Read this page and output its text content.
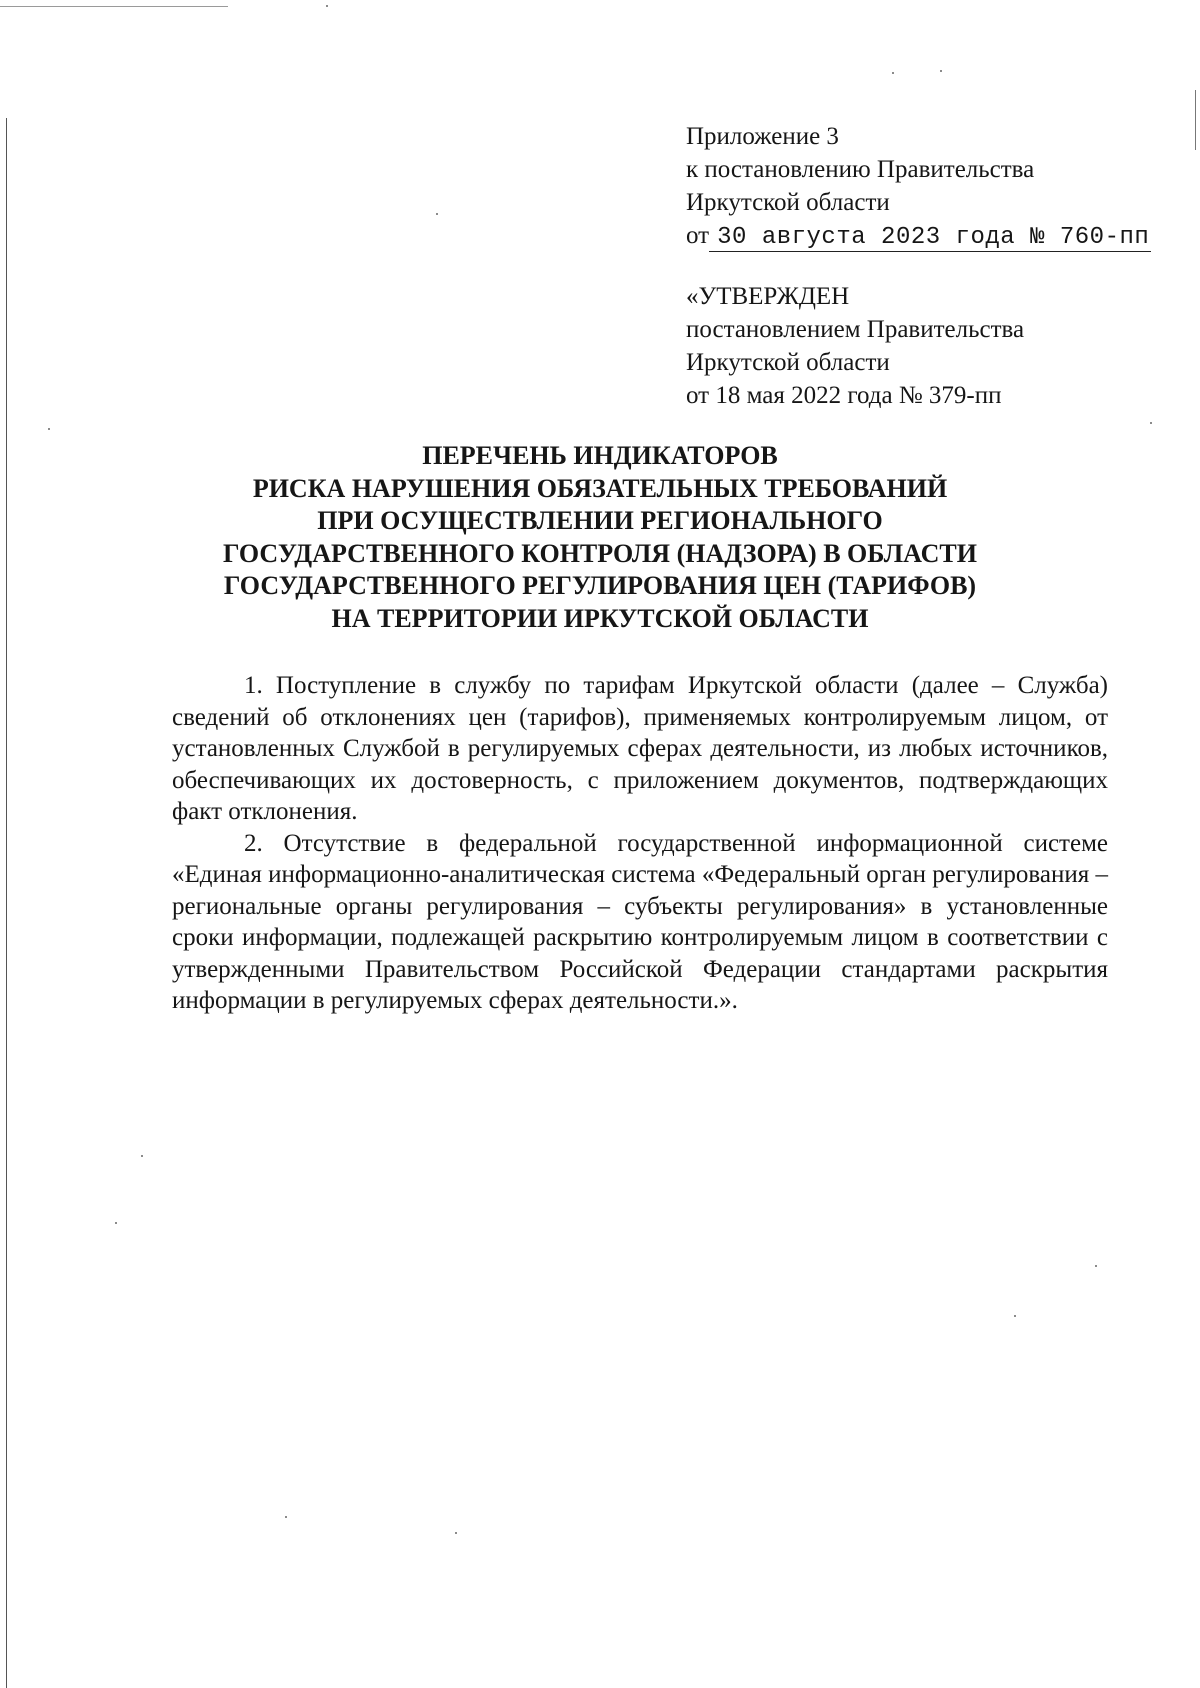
Приложение 3
к постановлению Правительства
Иркутской области
от 30 августа 2023 года № 760-пп
«УТВЕРЖДЕН
постановлением Правительства
Иркутской области
от 18 мая 2022 года № 379-пп
ПЕРЕЧЕНЬ ИНДИКАТОРОВ
РИСКА НАРУШЕНИЯ ОБЯЗАТЕЛЬНЫХ ТРЕБОВАНИЙ
ПРИ ОСУЩЕСТВЛЕНИИ РЕГИОНАЛЬНОГО
ГОСУДАРСТВЕННОГО КОНТРОЛЯ (НАДЗОРА) В ОБЛАСТИ
ГОСУДАРСТВЕННОГО РЕГУЛИРОВАНИЯ ЦЕН (ТАРИФОВ)
НА ТЕРРИТОРИИ ИРКУТСКОЙ ОБЛАСТИ

1. Поступление в службу по тарифам Иркутской области (далее – Служба) сведений об отклонениях цен (тарифов), применяемых контролируемым лицом, от установленных Службой в регулируемых сферах деятельности, из любых источников, обеспечивающих их достоверность, с приложением документов, подтверждающих факт отклонения.

2. Отсутствие в федеральной государственной информационной системе «Единая информационно-аналитическая система «Федеральный орган регулирования – региональные органы регулирования – субъекты регулирования» в установленные сроки информации, подлежащей раскрытию контролируемым лицом в соответствии с утвержденными Правительством Российской Федерации стандартами раскрытия информации в регулируемых сферах деятельности.».
